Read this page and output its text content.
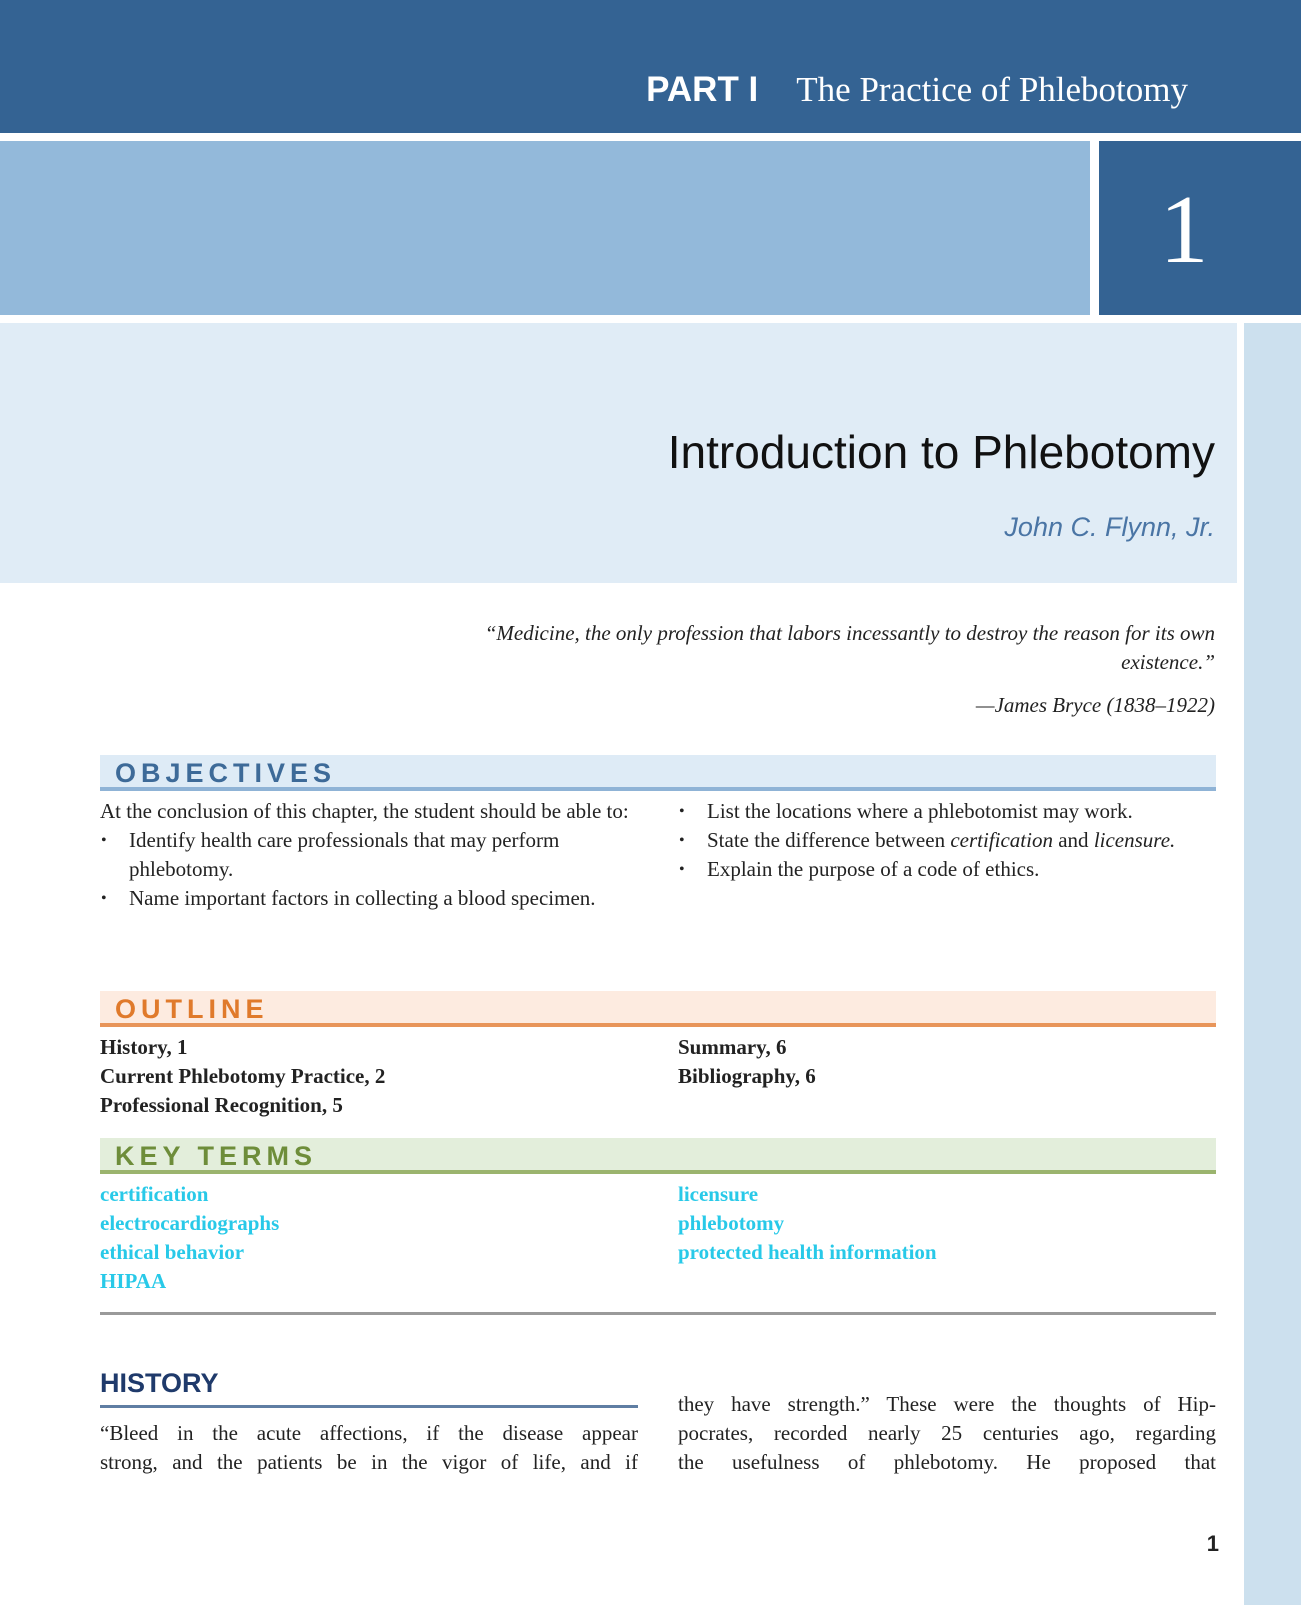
PART I The Practice of Phlebotomy
1
Introduction to Phlebotomy
John C. Flynn, Jr.
“Medicine, the only profession that labors incessantly to destroy the reason for its own existence.”
—James Bryce (1838–1922)
OBJECTIVES

At the conclusion of this chapter, the student should be able to:

• Identify health care professionals that may perform phlebotomy.
• Name important factors in collecting a blood specimen.
• List the locations where a phlebotomist may work.
• State the difference between certification and licensure.
• Explain the purpose of a code of ethics.
OUTLINE
History, 1
Current Phlebotomy Practice, 2
Professional Recognition, 5
Summary, 6
Bibliography, 6
KEY TERMS
certification
electrocardiographs
ethical behavior
HIPAA
licensure
phlebotomy
protected health information
HISTORY
“Bleed in the acute affections, if the disease appear
strong, and the patients be in the vigor of life, and if
they have strength.” These were the thoughts of Hip-
pocrates, recorded nearly 25 centuries ago, regarding
the usefulness of phlebotomy. He proposed that
1
